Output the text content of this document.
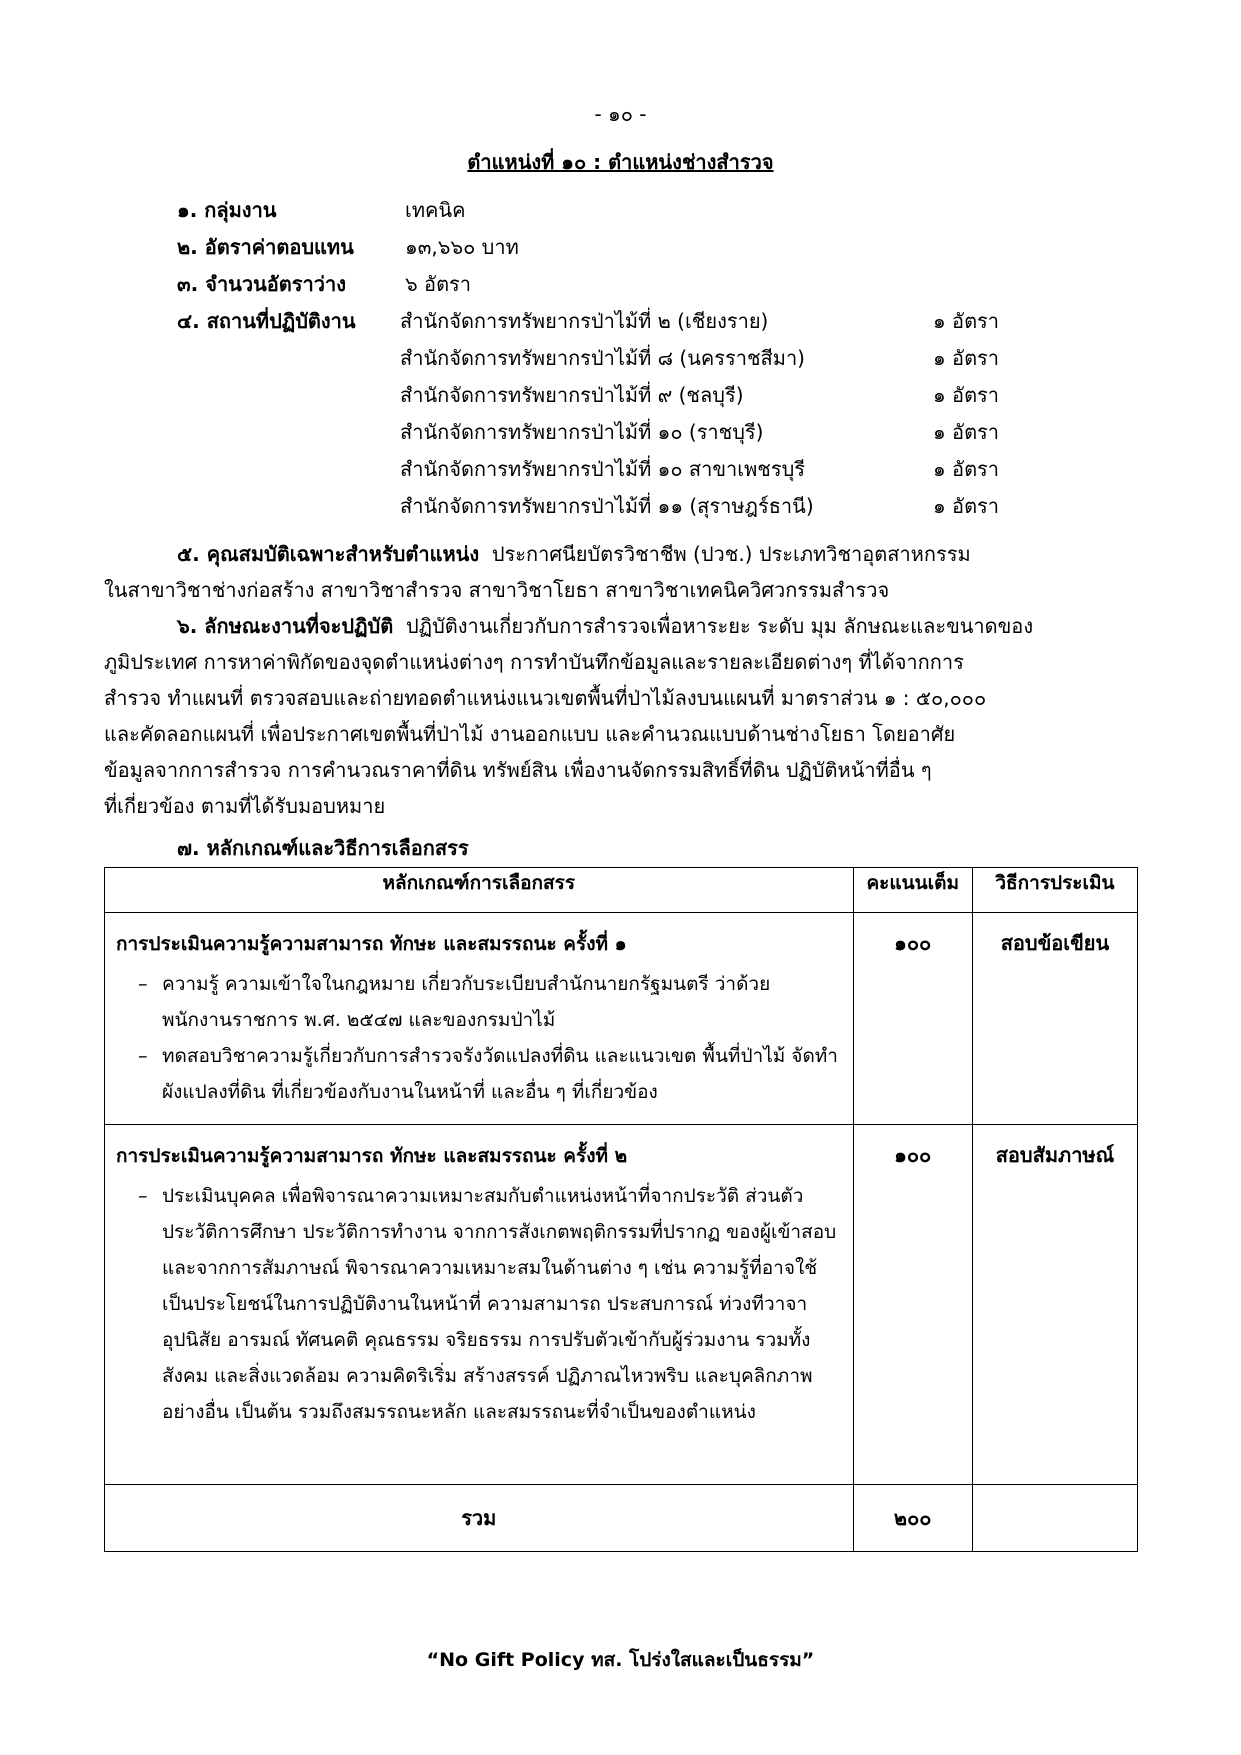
- ๑๐ -
ตำแหน่งที่ ๑๐ : ตำแหน่งช่างสำรวจ
๑. กลุ่มงาน	เทคนิค
๒. อัตราค่าตอบแทน	๑๓,๖๖๐ บาท
๓. จำนวนอัตราว่าง	๖ อัตรา
๔. สถานที่ปฏิบัติงาน สำนักจัดการทรัพยากรป่าไม้ที่ ๒ (เชียงราย)	๑ อัตรา
สำนักจัดการทรัพยากรป่าไม้ที่ ๘ (นครราชสีมา)	๑ อัตรา
สำนักจัดการทรัพยากรป่าไม้ที่ ๙ (ชลบุรี)	๑ อัตรา
สำนักจัดการทรัพยากรป่าไม้ที่ ๑๐ (ราชบุรี)	๑ อัตรา
สำนักจัดการทรัพยากรป่าไม้ที่ ๑๐ สาขาเพชรบุรี	๑ อัตรา
สำนักจัดการทรัพยากรป่าไม้ที่ ๑๑ (สุราษฎร์ธานี)	๑ อัตรา
๕. คุณสมบัติเฉพาะสำหรับตำแหน่ง ประกาศนียบัตรวิชาชีพ (ปวช.) ประเภทวิชาอุตสาหกรรม
ในสาขาวิชาช่างก่อสร้าง สาขาวิชาสำรวจ สาขาวิชาโยธา สาขาวิชาเทคนิควิศวกรรมสำรวจ
๖. ลักษณะงานที่จะปฏิบัติ ปฏิบัติงานเกี่ยวกับการสำรวจเพื่อหาระยะ ระดับ มุม ลักษณะและขนาดของ
ภูมิประเทศ การหาค่าพิกัดของจุดตำแหน่งต่างๆ การทำบันทึกข้อมูลและรายละเอียดต่างๆ ที่ได้จากการ
สำรวจ ทำแผนที่ ตรวจสอบและถ่ายทอดตำแหน่งแนวเขตพื้นที่ป่าไม้ลงบนแผนที่ มาตราส่วน ๑ : ๕๐,๐๐๐
และคัดลอกแผนที่ เพื่อประกาศเขตพื้นที่ป่าไม้ งานออกแบบ และคำนวณแบบด้านช่างโยธา โดยอาศัย
ข้อมูลจากการสำรวจ การคำนวณราคาที่ดิน ทรัพย์สิน เพื่องานจัดกรรมสิทธิ์ที่ดิน ปฏิบัติหน้าที่อื่น ๆ
ที่เกี่ยวข้อง ตามที่ได้รับมอบหมาย
๗. หลักเกณฑ์และวิธีการเลือกสรร
หลักเกณฑ์การเลือกสรร	คะแนนเต็ม	วิธีการประเมิน

การประเมินความรู้ความสามารถ ทักษะ และสมรรถนะ ครั้งที่ ๑
– ความรู้ ความเข้าใจในกฎหมาย เกี่ยวกับระเบียบสำนักนายกรัฐมนตรี ว่าด้วย พนักงานราชการ พ.ศ. ๒๕๔๗ และของกรมป่าไม้
– ทดสอบวิชาความรู้เกี่ยวกับการสำรวจรังวัดแปลงที่ดิน และแนวเขต พื้นที่ป่าไม้ จัดทำผังแปลงที่ดิน ที่เกี่ยวข้องกับงานในหน้าที่ และอื่น ๆ ที่เกี่ยวข้อง	๑๐๐	สอบข้อเขียน

การประเมินความรู้ความสามารถ ทักษะ และสมรรถนะ ครั้งที่ ๒
– ประเมินบุคคล เพื่อพิจารณาความเหมาะสมกับตำแหน่งหน้าที่จากประวัติ ส่วนตัวประวัติการศึกษา ประวัติการทำงาน จากการสังเกตพฤติกรรมที่ปรากฏ ของผู้เข้าสอบและจากการสัมภาษณ์ พิจารณาความเหมาะสมในด้านต่าง ๆ เช่น ความรู้ที่อาจใช้เป็นประโยชน์ในการปฏิบัติงานในหน้าที่ ความสามารถ ประสบการณ์ ท่วงทีวาจา อุปนิสัย อารมณ์ ทัศนคติ คุณธรรม จริยธรรม การปรับตัวเข้ากับผู้ร่วมงาน รวมทั้งสังคม และสิ่งแวดล้อม ความคิดริเริ่ม สร้างสรรค์ ปฏิภาณไหวพริบ และบุคลิกภาพอย่างอื่น เป็นต้น รวมถึงสมรรถนะหลัก และสมรรถนะที่จำเป็นของตำแหน่ง	๑๐๐	สอบสัมภาษณ์
รวม	๒๐๐	
“No Gift Policy ทส. โปร่งใสและเป็นธรรม”
